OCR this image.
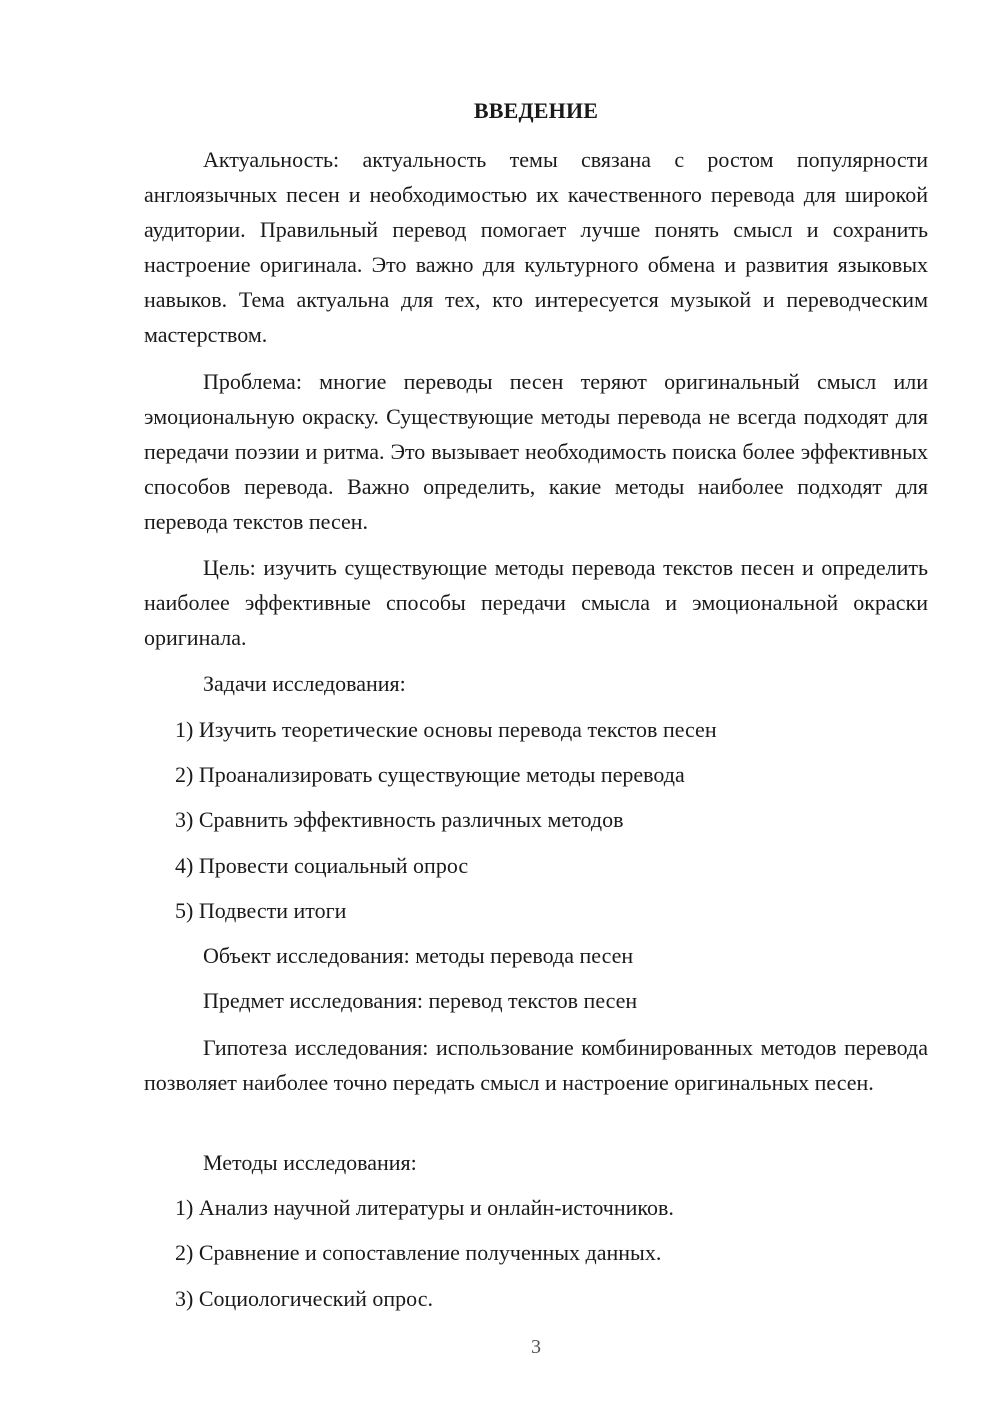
ВВЕДЕНИЕ

Актуальность: актуальность темы связана с ростом популярности англоязычных песен и необходимостью их качественного перевода для широкой аудитории. Правильный перевод помогает лучше понять смысл и сохранить настроение оригинала. Это важно для культурного обмена и развития языковых навыков. Тема актуальна для тех, кто интересуется музыкой и переводческим мастерством.

Проблема: многие переводы песен теряют оригинальный смысл или эмоциональную окраску. Существующие методы перевода не всегда подходят для передачи поэзии и ритма. Это вызывает необходимость поиска более эффективных способов перевода. Важно определить, какие методы наиболее подходят для перевода текстов песен.

Цель: изучить существующие методы перевода текстов песен и определить наиболее эффективные способы передачи смысла и эмоциональной окраски оригинала.

Задачи исследования:
1) Изучить теоретические основы перевода текстов песен
2) Проанализировать существующие методы перевода
3) Сравнить эффективность различных методов
4) Провести социальный опрос
5) Подвести итоги
Объект исследования: методы перевода песен
Предмет исследования: перевод текстов песен

Гипотеза исследования: использование комбинированных методов перевода позволяет наиболее точно передать смысл и настроение оригинальных песен.

Методы исследования:
1) Анализ научной литературы и онлайн-источников.
2) Сравнение и сопоставление полученных данных.
3) Социологический опрос.
3
